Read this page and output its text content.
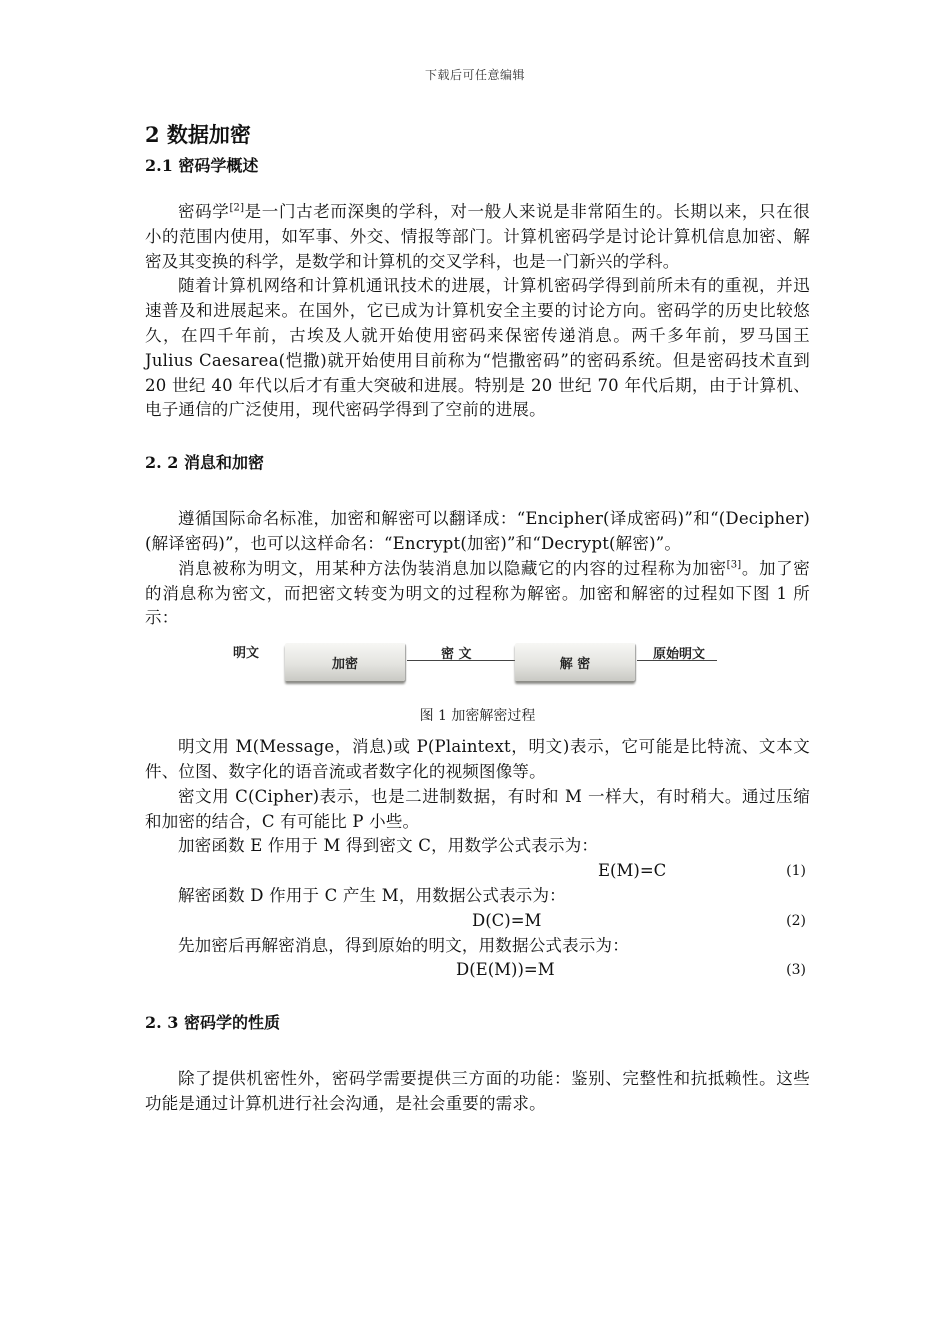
下载后可任意编辑
2 数据加密
2.1 密码学概述

密码学[2]是一门古老而深奥的学科，对一般人来说是非常陌生的。长期以来，只在很小的范围内使用，如军事、外交、情报等部门。计算机密码学是讨论计算机信息加密、解密及其变换的科学，是数学和计算机的交叉学科，也是一门新兴的学科。

随着计算机网络和计算机通讯技术的进展，计算机密码学得到前所未有的重视，并迅速普及和进展起来。在国外，它已成为计算机安全主要的讨论方向。密码学的历史比较悠久，在四千年前，古埃及人就开始使用密码来保密传递消息。两千多年前，罗马国王 Julius Caesarea(恺撒)就开始使用目前称为“恺撒密码”的密码系统。但是密码技术直到 20 世纪 40 年代以后才有重大突破和进展。特别是 20 世纪 70 年代后期，由于计算机、电子通信的广泛使用，现代密码学得到了空前的进展。

2. 2 消息和加密

遵循国际命名标准，加密和解密可以翻译成：“Encipher(译成密码)”和“(Decipher)(解译密码)”，也可以这样命名：“Encrypt(加密)”和“Decrypt(解密)”。

消息被称为明文，用某种方法伪装消息加以隐藏它的内容的过程称为加密[3]。加了密的消息称为密文，而把密文转变为明文的过程称为解密。加密和解密的过程如下图 1 所示：

明文
加密
密 文
解 密
原始明文
图 1 加密解密过程

明文用 M(Message，消息)或 P(Plaintext，明文)表示，它可能是比特流、文本文件、位图、数字化的语音流或者数字化的视频图像等。

密文用 C(Cipher)表示，也是二进制数据，有时和 M 一样大，有时稍大。通过压缩和加密的结合，C 有可能比 P 小些。

加密函数 E 作用于 M 得到密文 C，用数学公式表示为：

E(M)=C	(1)

解密函数 D 作用于 C 产生 M，用数据公式表示为：

D(C)=M	(2)

先加密后再解密消息，得到原始的明文，用数据公式表示为：

D(E(M))=M	(3)
2. 3 密码学的性质

除了提供机密性外，密码学需要提供三方面的功能：鉴别、完整性和抗抵赖性。这些功能是通过计算机进行社会沟通，是社会重要的需求。
